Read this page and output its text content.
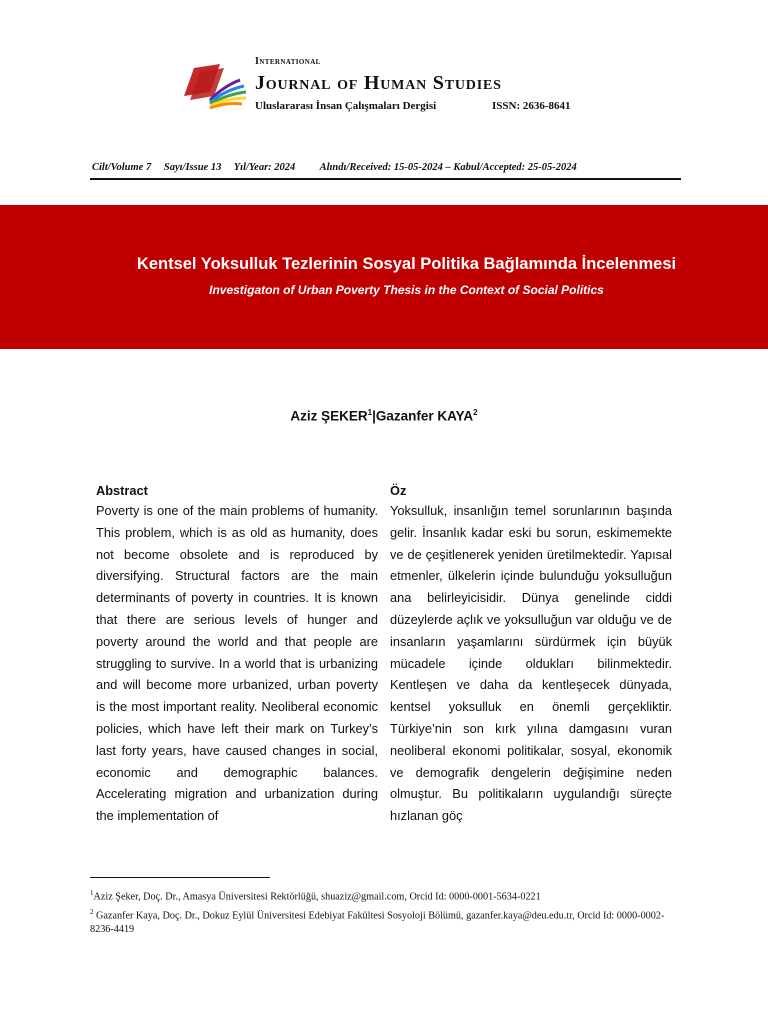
International
Journal of Human Studies
Uluslararası İnsan Çalışmaları Dergisi	ISSN: 2636-8641
Cilt/Volume 7 Sayı/Issue 13 Yıl/Year: 2024 Alındı/Received: 15-05-2024 – Kabul/Accepted: 25-05-2024
Kentsel Yoksulluk Tezlerinin Sosyal Politika Bağlamında İncelenmesi
Investigaton of Urban Poverty Thesis in the Context of Social Politics
Aziz ŞEKER$^1$|Gazanfer KAYA$^2$
Abstract

Poverty is one of the main problems of humanity. This problem, which is as old as humanity, does not become obsolete and is reproduced by diversifying. Structural factors are the main determinants of poverty in countries. It is known that there are serious levels of hunger and poverty around the world and that people are struggling to survive. In a world that is urbanizing and will become more urbanized, urban poverty is the most important reality. Neoliberal economic policies, which have left their mark on Turkey’s last forty years, have caused changes in social, economic and demographic balances. Accelerating migration and urbanization during the implementation of

Öz

Yoksulluk, insanlığın temel sorunlarının başında gelir. İnsanlık kadar eski bu sorun, eskimemekte ve de çeşitlenerek yeniden üretilmektedir. Yapısal etmenler, ülkelerin içinde bulunduğu yoksulluğun ana belirleyicisidir. Dünya genelinde ciddi düzeylerde açlık ve yoksulluğun var olduğu ve de insanların yaşamlarını sürdürmek için büyük mücadele içinde oldukları bilinmektedir. Kentleşen ve daha da kentleşecek dünyada, kentsel yoksulluk en önemli gerçekliktir. Türkiye’nin son kırk yılına damgasını vuran neoliberal ekonomi politikalar, sosyal, ekonomik ve demografik dengelerin değişimine neden olmuştur. Bu politikaların uygulandığı süreçte hızlanan göç

$^1$Aziz Şeker, Doç. Dr., Amasya Üniversitesi Rektörlüğü, shuaziz@gmail.com, Orcid Id: 0000-0001-5634-0221
$^2$ Gazanfer Kaya, Doç. Dr., Dokuz Eylül Üniversitesi Edebiyat Fakültesi Sosyoloji Bölümü, gazanfer.kaya@deu.edu.tr, Orcid Id: 0000-0002-8236-4419
